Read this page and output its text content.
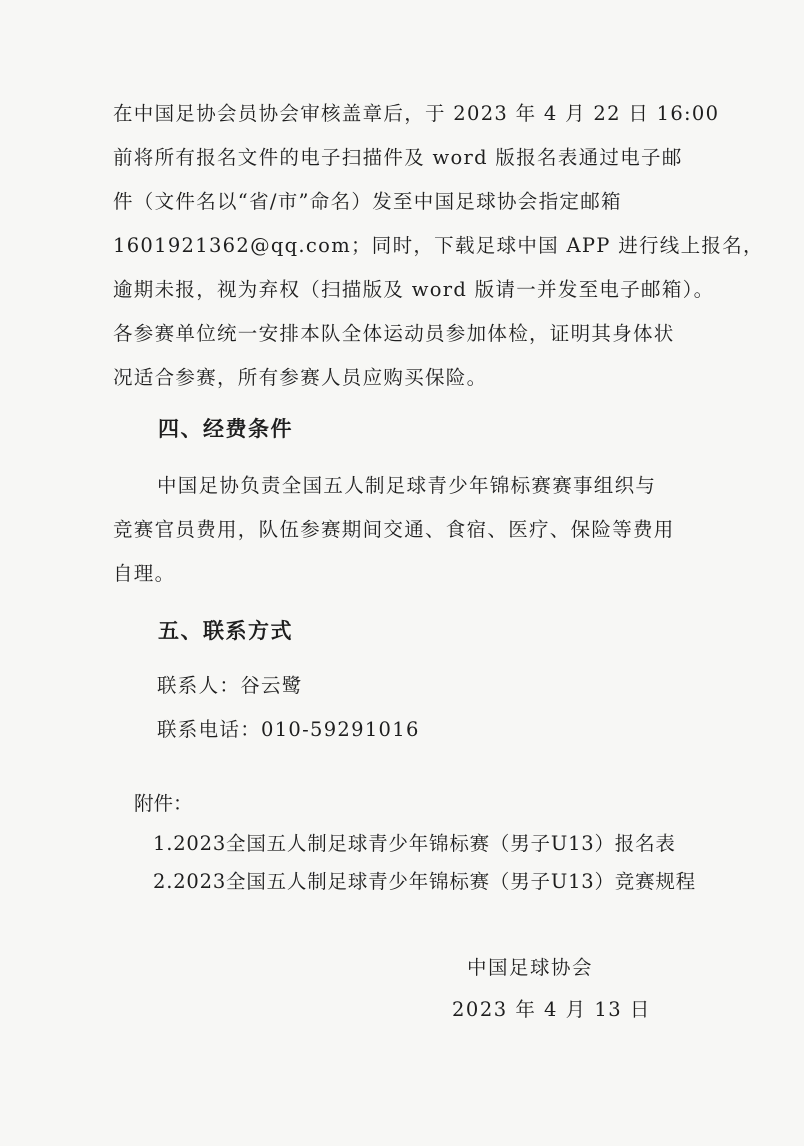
在中国足协会员协会审核盖章后，于 2023 年 4 月 22 日 16:00
前将所有报名文件的电子扫描件及 word 版报名表通过电子邮
件（文件名以“省/市”命名）发至中国足球协会指定邮箱
1601921362@qq.com；同时，下载足球中国 APP 进行线上报名，
逾期未报，视为弃权（扫描版及 word 版请一并发至电子邮箱）。
各参赛单位统一安排本队全体运动员参加体检，证明其身体状
况适合参赛，所有参赛人员应购买保险。
四、经费条件
中国足协负责全国五人制足球青少年锦标赛赛事组织与
竞赛官员费用，队伍参赛期间交通、食宿、医疗、保险等费用
自理。
五、联系方式
联系人：谷云鹭
联系电话：010-59291016
附件：
1.2023全国五人制足球青少年锦标赛（男子U13）报名表
2.2023全国五人制足球青少年锦标赛（男子U13）竞赛规程
中国足球协会
2023 年 4 月 13 日
